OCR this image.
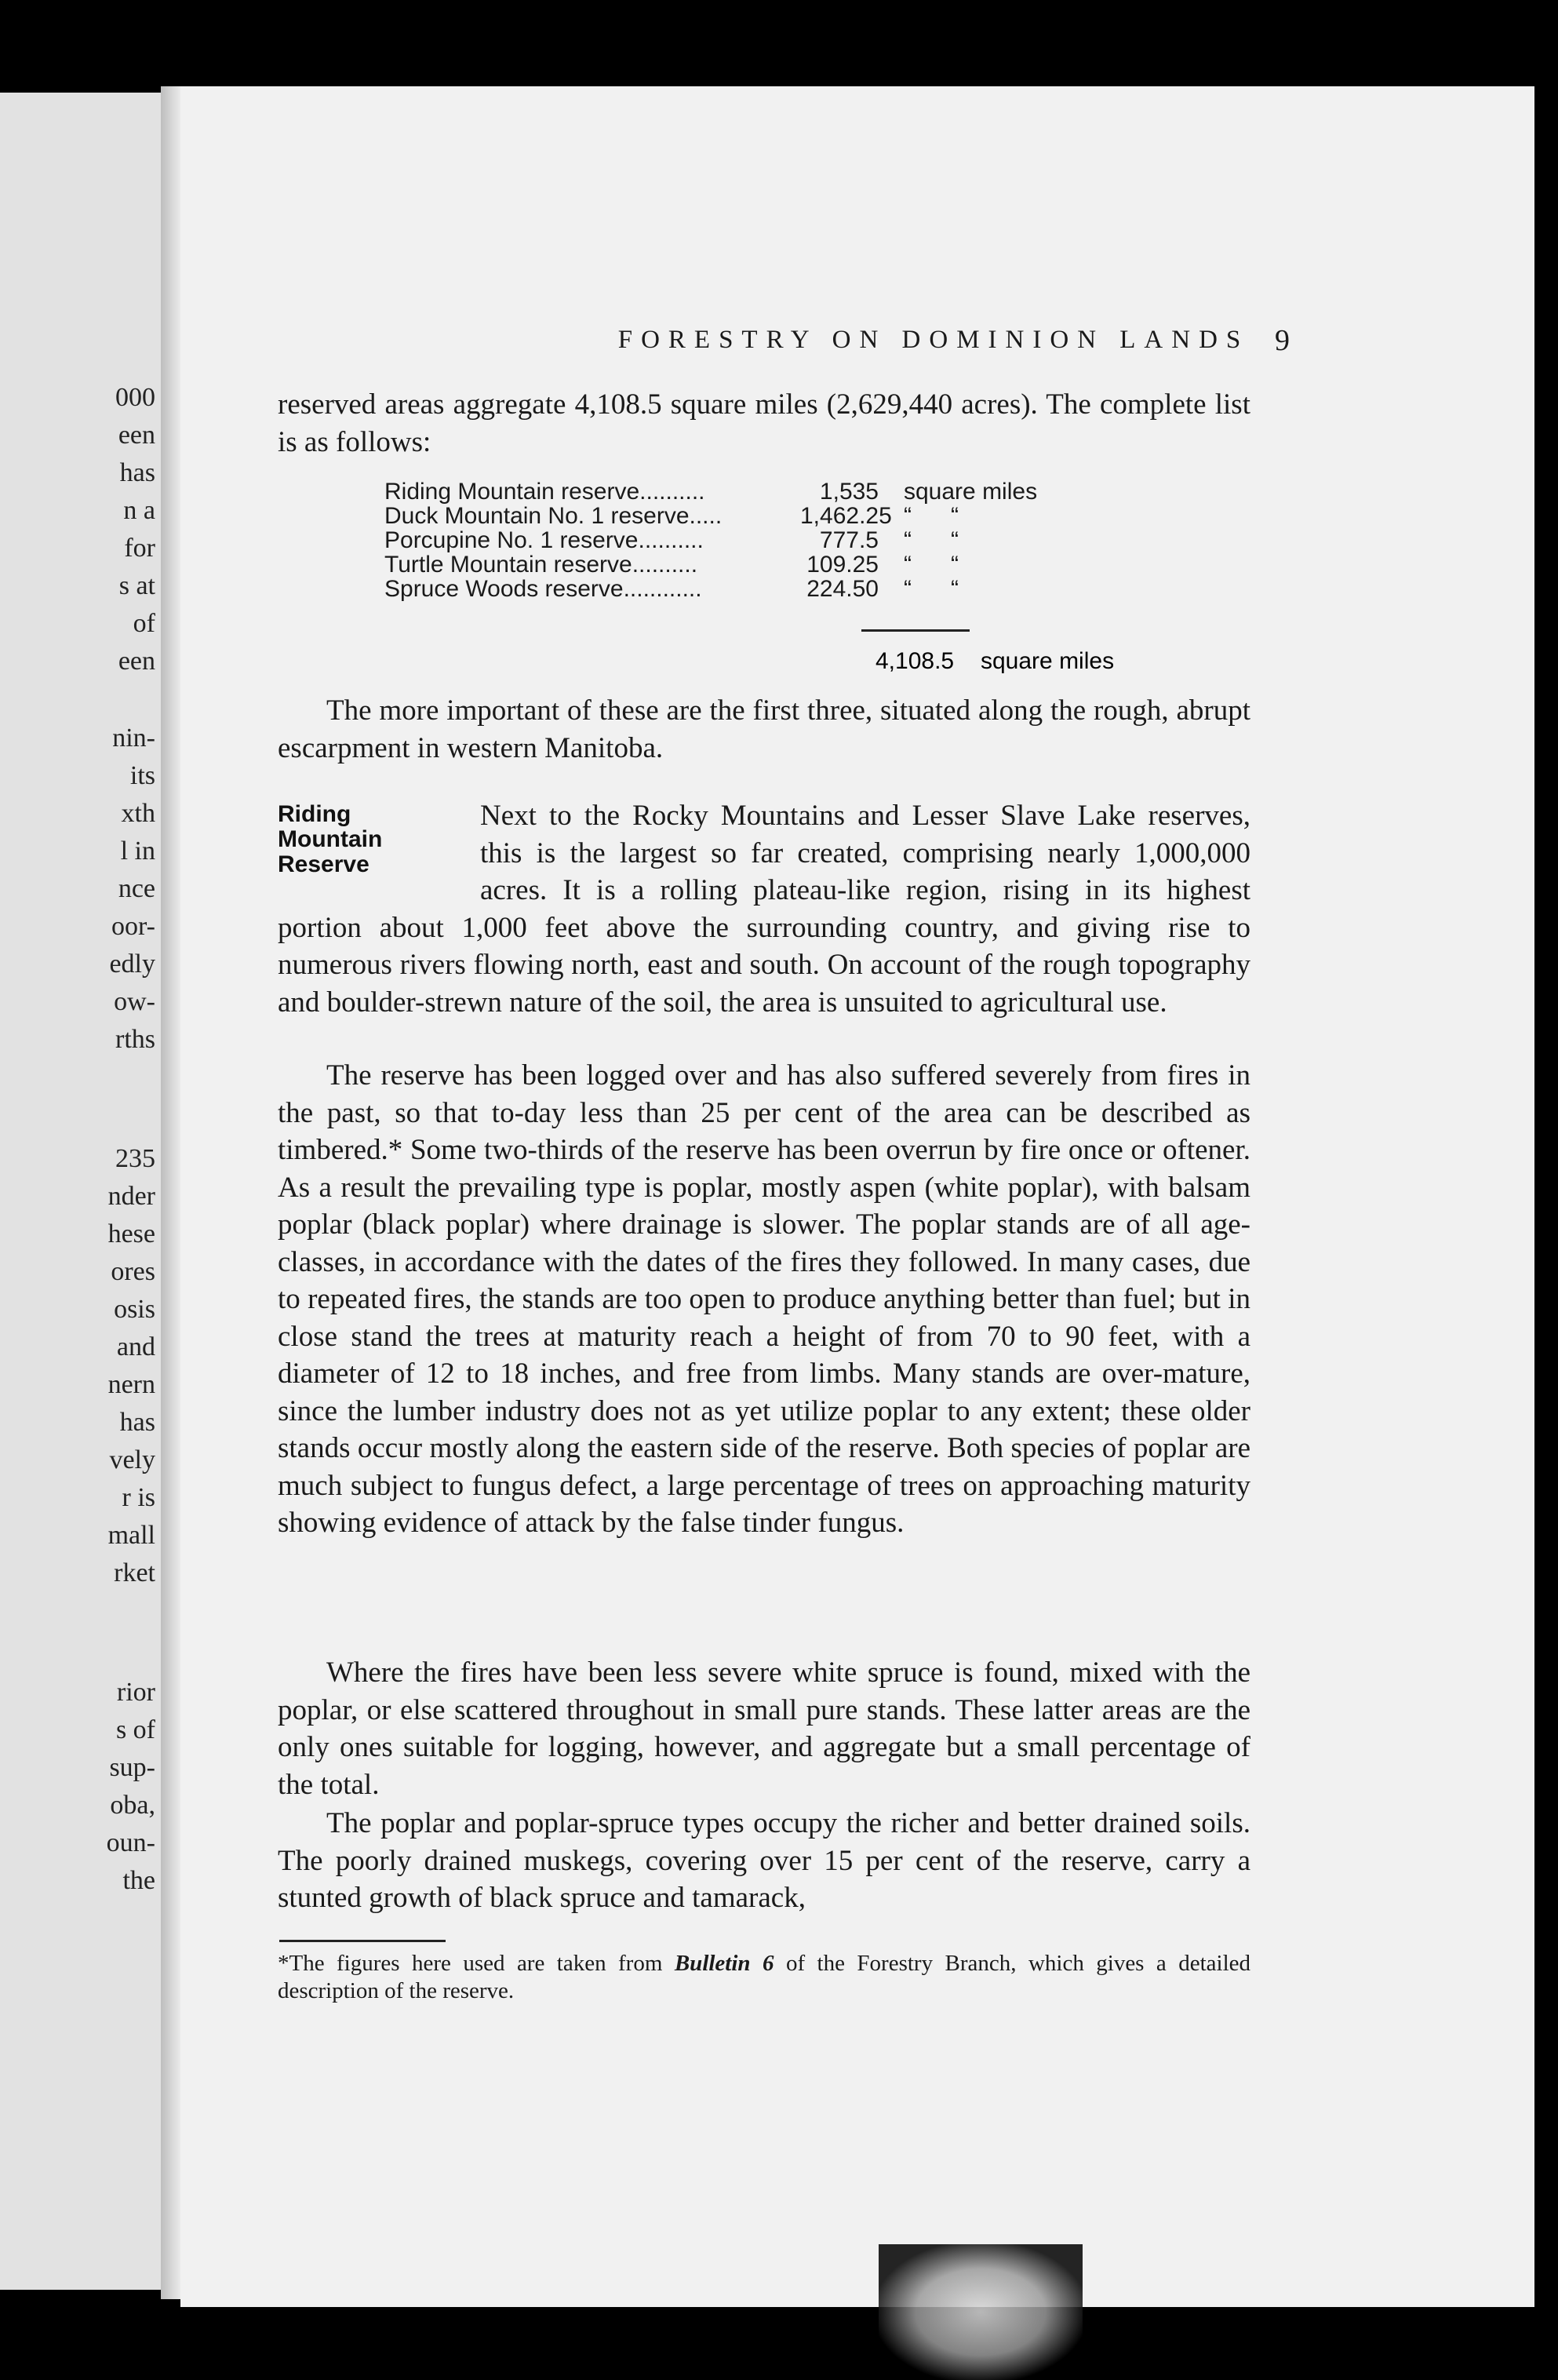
000
een
has
n a
for
s at
of
een
nin-
its
xth
l in
nce
oor-
edly
ow-
rths
235
nder
hese
ores
osis
and
nern
has
vely
r is
mall
rket
rior
s of
sup-
oba,
oun-
the
FORESTRY ON DOMINION LANDS 9

reserved areas aggregate 4,108.5 square miles (2,629,440 acres). The complete list is as follows:

Riding Mountain reserve..........	1,535 square miles
Duck Mountain No. 1 reserve.....	1,462.25 “      “
Porcupine No. 1 reserve..........	777.5 “      “
Turtle Mountain reserve..........	109.25 “      “
Spruce Woods reserve............	224.50 “      “
4,108.5 square miles

The more important of these are the first three, situated along the rough, abrupt escarpment in western Manitoba.

Riding
Mountain
Reserve

Next to the Rocky Mountains and Lesser Slave Lake reserves, this is the largest so far created, comprising nearly 1,000,000 acres. It is a rolling plateau-like region, rising in its highest portion about 1,000 feet above the surrounding country, and giving rise to numerous rivers flowing north, east and south. On account of the rough topography and boulder-strewn nature of the soil, the area is unsuited to agricultural use.

The reserve has been logged over and has also suffered severely from fires in the past, so that to-day less than 25 per cent of the area can be described as timbered.* Some two-thirds of the reserve has been overrun by fire once or oftener. As a result the prevailing type is poplar, mostly aspen (white poplar), with balsam poplar (black poplar) where drainage is slower. The poplar stands are of all age-classes, in accordance with the dates of the fires they followed. In many cases, due to repeated fires, the stands are too open to produce anything better than fuel; but in close stand the trees at maturity reach a height of from 70 to 90 feet, with a diameter of 12 to 18 inches, and free from limbs. Many stands are over-mature, since the lumber industry does not as yet utilize poplar to any extent; these older stands occur mostly along the eastern side of the reserve. Both species of poplar are much subject to fungus defect, a large percentage of trees on approaching maturity showing evidence of attack by the false tinder fungus.

Where the fires have been less severe white spruce is found, mixed with the poplar, or else scattered throughout in small pure stands. These latter areas are the only ones suitable for logging, however, and aggregate but a small percentage of the total.

The poplar and poplar-spruce types occupy the richer and better drained soils. The poorly drained muskegs, covering over 15 per cent of the reserve, carry a stunted growth of black spruce and tamarack,

*The figures here used are taken from Bulletin 6 of the Forestry Branch, which gives a detailed description of the reserve.
